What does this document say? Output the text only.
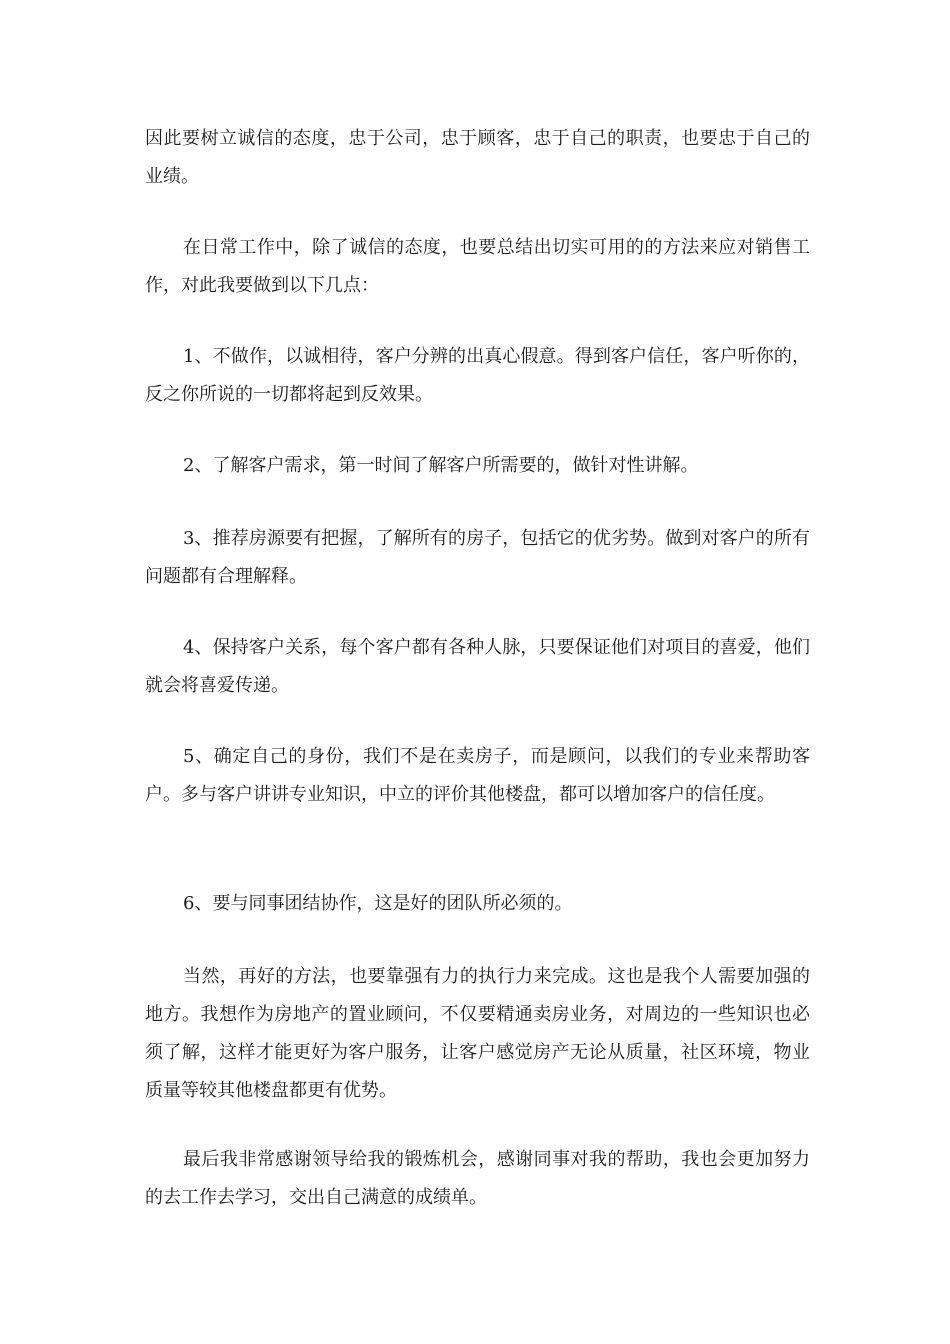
因此要树立诚信的态度，忠于公司，忠于顾客，忠于自己的职责，也要忠于自己的业绩。

在日常工作中，除了诚信的态度，也要总结出切实可用的的方法来应对销售工作，对此我要做到以下几点：

1、不做作，以诚相待，客户分辨的出真心假意。得到客户信任，客户听你的，反之你所说的一切都将起到反效果。

2、了解客户需求，第一时间了解客户所需要的，做针对性讲解。

3、推荐房源要有把握，了解所有的房子，包括它的优劣势。做到对客户的所有问题都有合理解释。

4、保持客户关系，每个客户都有各种人脉，只要保证他们对项目的喜爱，他们就会将喜爱传递。

5、确定自己的身份，我们不是在卖房子，而是顾问，以我们的专业来帮助客户。多与客户讲讲专业知识，中立的评价其他楼盘，都可以增加客户的信任度。

6、要与同事团结协作，这是好的团队所必须的。

当然，再好的方法，也要靠强有力的执行力来完成。这也是我个人需要加强的地方。我想作为房地产的置业顾问，不仅要精通卖房业务，对周边的一些知识也必须了解，这样才能更好为客户服务，让客户感觉房产无论从质量，社区环境，物业质量等较其他楼盘都更有优势。

最后我非常感谢领导给我的锻炼机会，感谢同事对我的帮助，我也会更加努力的去工作去学习，交出自己满意的成绩单。
